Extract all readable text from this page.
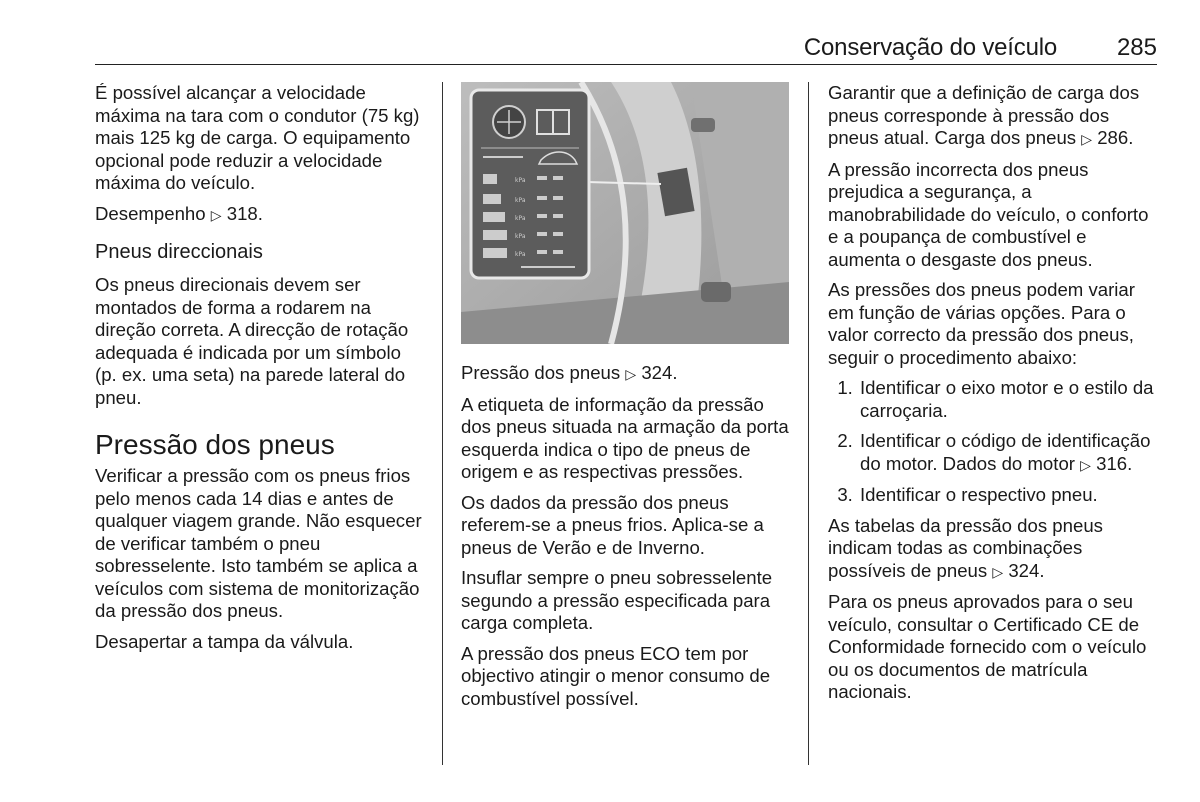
Conservação do veículo 285

É possível alcançar a velocidade máxima na tara com o condutor (75 kg) mais 125 kg de carga. O equipamento opcional pode reduzir a velocidade máxima do veículo.

Desempenho ▷ 318.

Pneus direccionais

Os pneus direcionais devem ser montados de forma a rodarem na direção correta. A direcção de rotação adequada é indicada por um símbolo (p. ex. uma seta) na parede lateral do pneu.

Pressão dos pneus

Verificar a pressão com os pneus frios pelo menos cada 14 dias e antes de qualquer viagem grande. Não esquecer de verificar também o pneu sobresselente. Isto também se aplica a veículos com sistema de monitorização da pressão dos pneus.

Desapertar a tampa da válvula.

kPa
kPa
kPa
kPa
kPa

Pressão dos pneus ▷ 324.

A etiqueta de informação da pressão dos pneus situada na armação da porta esquerda indica o tipo de pneus de origem e as respectivas pressões.

Os dados da pressão dos pneus referem-se a pneus frios. Aplica-se a pneus de Verão e de Inverno.

Insuflar sempre o pneu sobresselente segundo a pressão especificada para carga completa.

A pressão dos pneus ECO tem por objectivo atingir o menor consumo de combustível possível.

Garantir que a definição de carga dos pneus corresponde à pressão dos pneus atual. Carga dos pneus ▷ 286.

A pressão incorrecta dos pneus prejudica a segurança, a manobrabilidade do veículo, o conforto e a poupança de combustível e aumenta o desgaste dos pneus.

As pressões dos pneus podem variar em função de várias opções. Para o valor correcto da pressão dos pneus, seguir o procedimento abaixo:

1. Identificar o eixo motor e o estilo da carroçaria.
2. Identificar o código de identificação do motor. Dados do motor ▷ 316.
3. Identificar o respectivo pneu.

As tabelas da pressão dos pneus indicam todas as combinações possíveis de pneus ▷ 324.

Para os pneus aprovados para o seu veículo, consultar o Certificado CE de Conformidade fornecido com o veículo ou os documentos de matrícula nacionais.
